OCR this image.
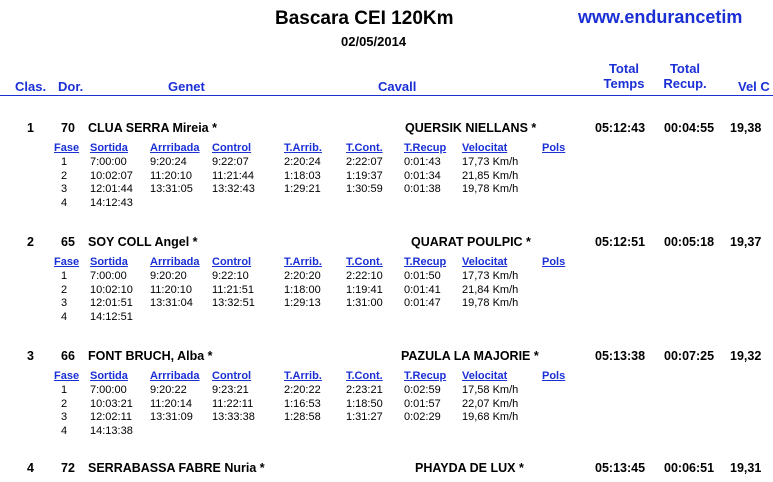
Bascara CEI 120Km
02/05/2014
www.endurancetim
Clas. Dor.	Genet	Cavall
Total
Temps
Total
Recup.	Vel C
1 70 CLUA SERRA Mireia *	QUERSIK NIELLANS *	05:12:43 00:04:55 19,38
Fase Sortida Arrribada Control	T.Arrib. T.Cont. T.Recup Velocitat	Pols
1 7:00:00 9:20:24 9:22:07	2:20:24 2:22:07 0:01:43 17,73 Km/h
2 10:02:07 11:20:10 11:21:44	1:18:03 1:19:37 0:01:34 21,85 Km/h
3 12:01:44 13:31:05 13:32:43	1:29:21 1:30:59 0:01:38 19,78 Km/h
4 14:12:43
2 65 SOY COLL Angel *	QUARAT POULPIC *	05:12:51 00:05:18 19,37
Fase Sortida Arrribada Control	T.Arrib. T.Cont. T.Recup Velocitat	Pols
1 7:00:00 9:20:20 9:22:10	2:20:20 2:22:10 0:01:50 17,73 Km/h
2 10:02:10 11:20:10 11:21:51	1:18:00 1:19:41 0:01:41 21,84 Km/h
3 12:01:51 13:31:04 13:32:51	1:29:13 1:31:00 0:01:47 19,78 Km/h
4 14:12:51
3 66 FONT BRUCH, Alba *	PAZULA LA MAJORIE *	05:13:38 00:07:25 19,32
Fase Sortida Arrribada Control	T.Arrib. T.Cont. T.Recup Velocitat	Pols
1 7:00:00 9:20:22 9:23:21	2:20:22 2:23:21 0:02:59 17,58 Km/h
2 10:03:21 11:20:14 11:22:11	1:16:53 1:18:50 0:01:57 22,07 Km/h
3 12:02:11 13:31:09 13:33:38	1:28:58 1:31:27 0:02:29 19,68 Km/h
4 14:13:38
4 72 SERRABASSA FABRE Nuria *	PHAYDA DE LUX *	05:13:45 00:06:51 19,31
